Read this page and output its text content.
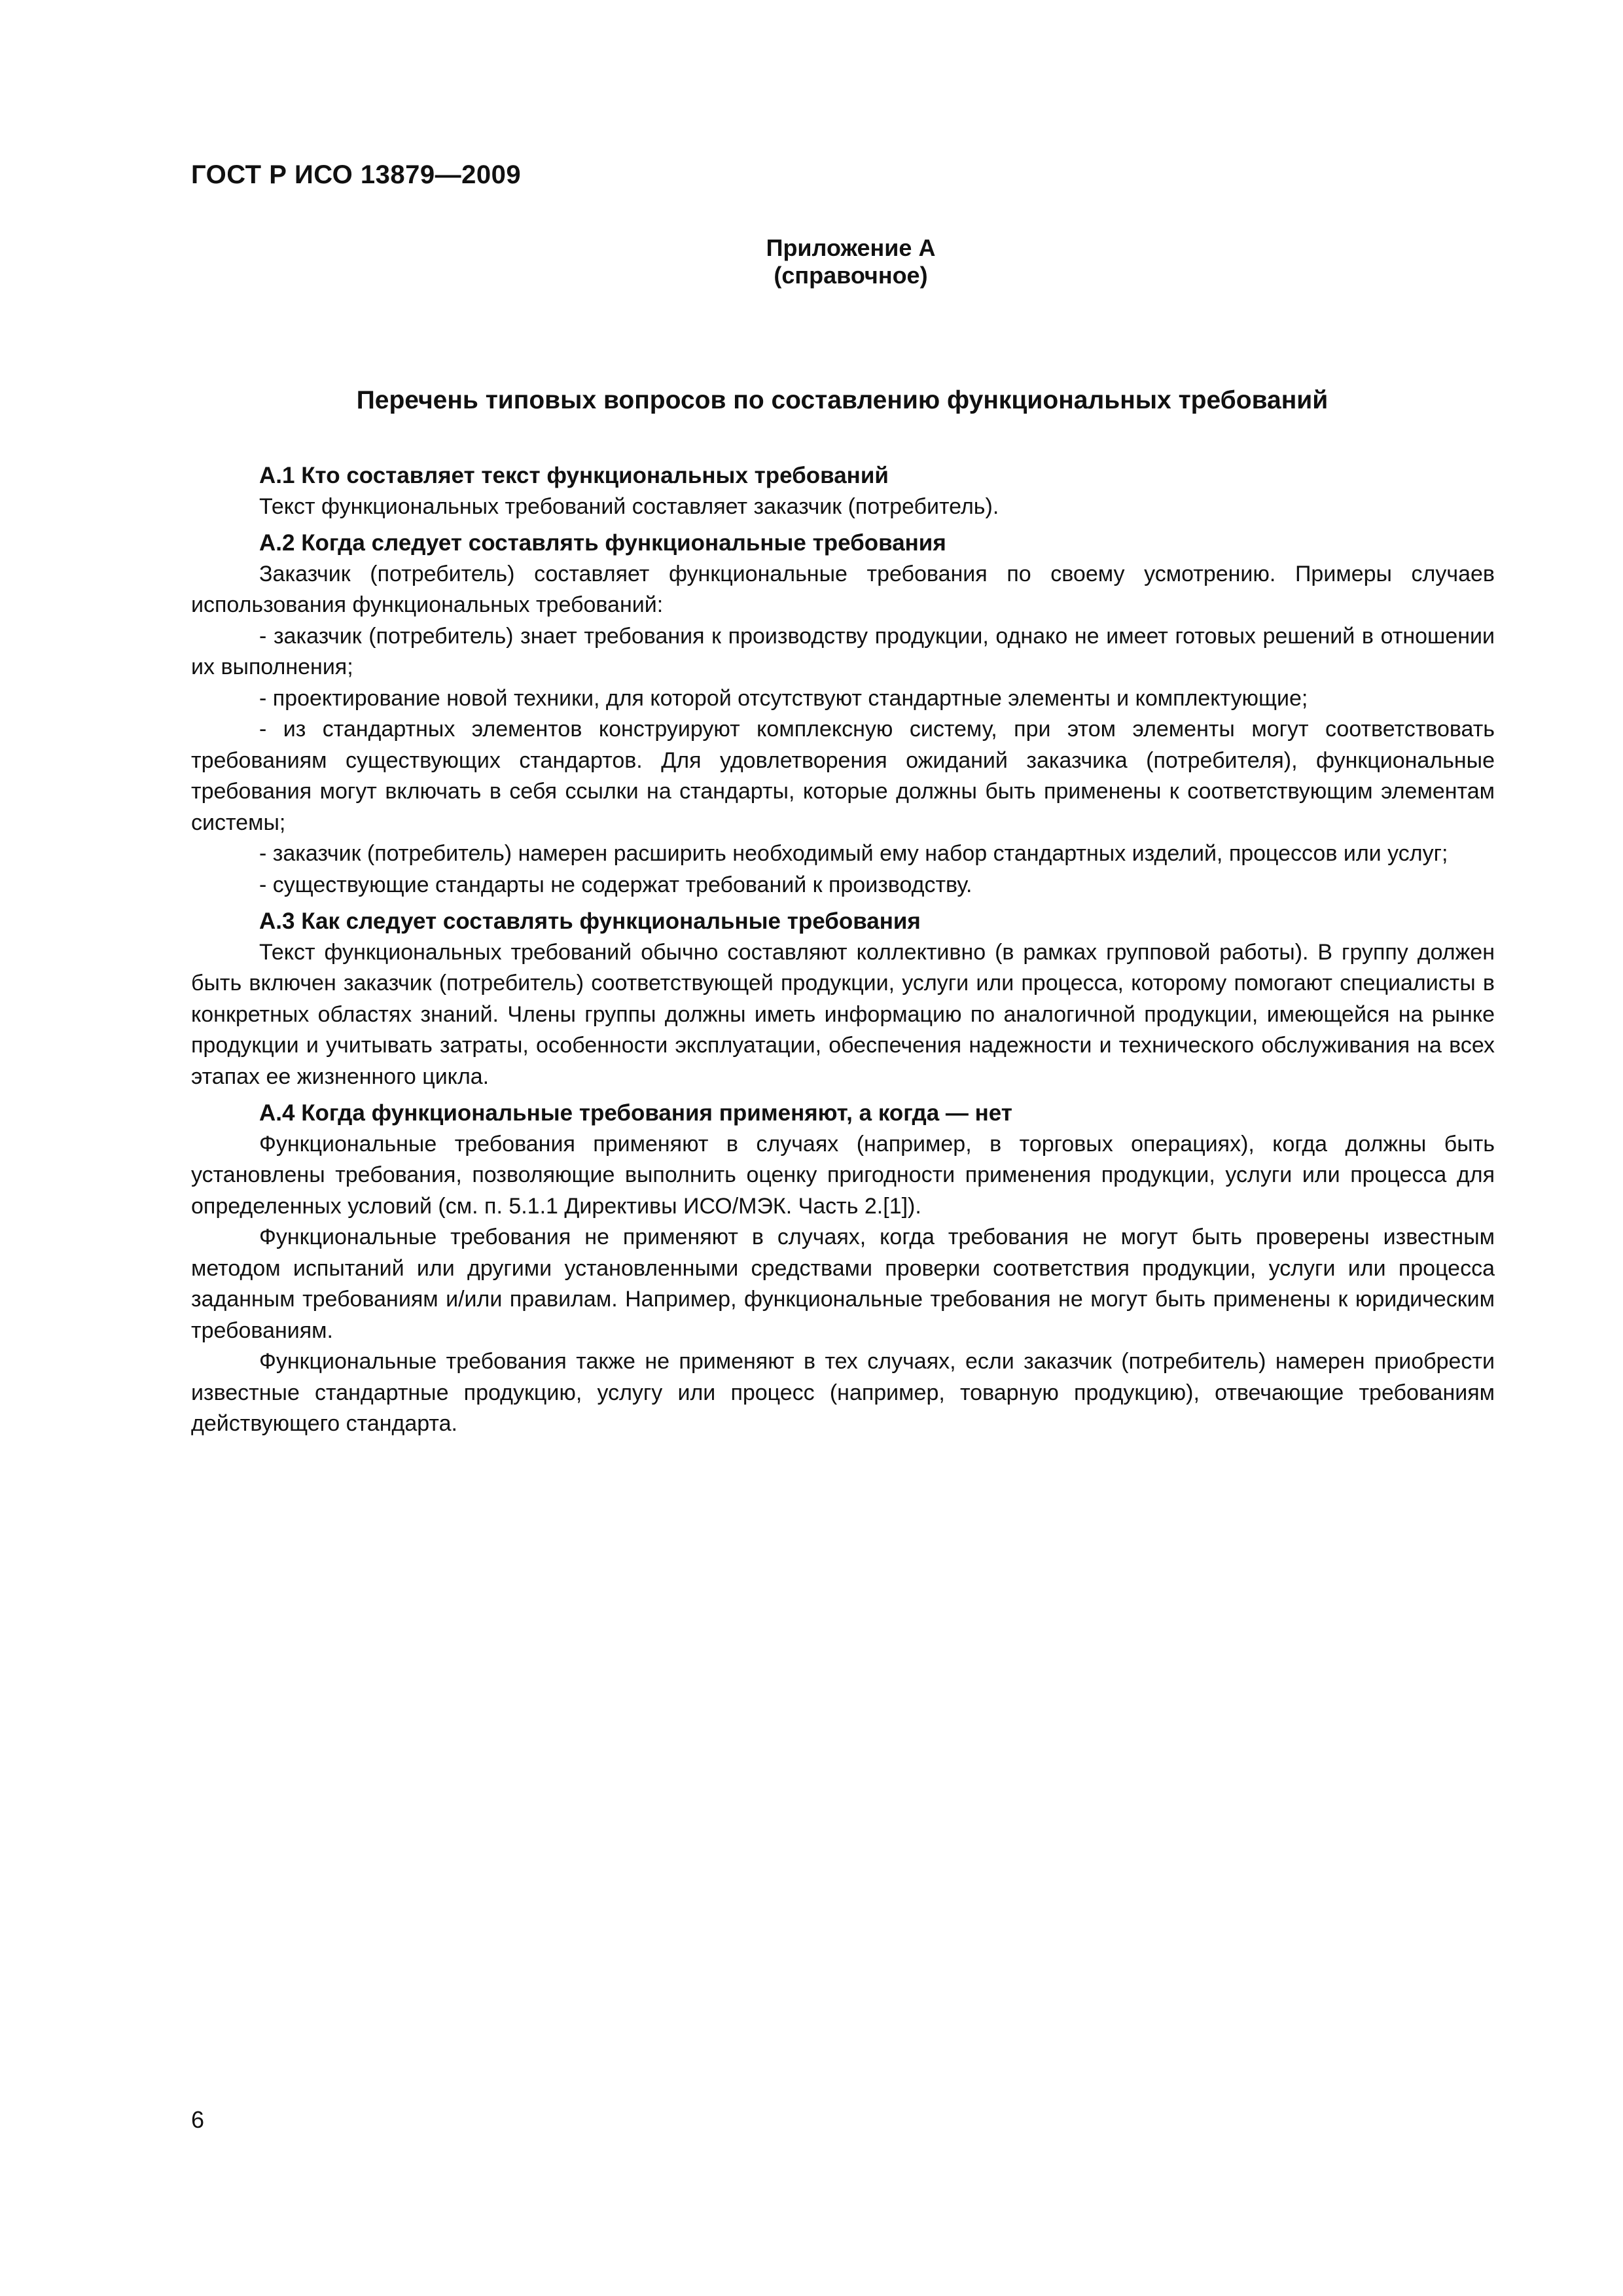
ГОСТ Р ИСО 13879—2009
Приложение А
(справочное)
Перечень типовых вопросов по составлению функциональных требований
А.1 Кто составляет текст функциональных требований

Текст функциональных требований составляет заказчик (потребитель).

А.2 Когда следует составлять функциональные требования

Заказчик (потребитель) составляет функциональные требования по своему усмотрению. Примеры случаев использования функциональных требований:

- заказчик (потребитель) знает требования к производству продукции, однако не имеет готовых решений в отношении их выполнения;

- проектирование новой техники, для которой отсутствуют стандартные элементы и комплектующие;

- из стандартных элементов конструируют комплексную систему, при этом элементы могут соответствовать требованиям существующих стандартов. Для удовлетворения ожиданий заказчика (потребителя), функциональные требования могут включать в себя ссылки на стандарты, которые должны быть применены к соответствующим элементам системы;

- заказчик (потребитель) намерен расширить необходимый ему набор стандартных изделий, процессов или услуг;

- существующие стандарты не содержат требований к производству.

А.3 Как следует составлять функциональные требования

Текст функциональных требований обычно составляют коллективно (в рамках групповой работы). В группу должен быть включен заказчик (потребитель) соответствующей продукции, услуги или процесса, которому помогают специалисты в конкретных областях знаний. Члены группы должны иметь информацию по аналогичной продукции, имеющейся на рынке продукции и учитывать затраты, особенности эксплуатации, обеспечения надежности и технического обслуживания на всех этапах ее жизненного цикла.

А.4 Когда функциональные требования применяют, а когда — нет

Функциональные требования применяют в случаях (например, в торговых операциях), когда должны быть установлены требования, позволяющие выполнить оценку пригодности применения продукции, услуги или процесса для определенных условий (см. п. 5.1.1 Директивы ИСО/МЭК. Часть 2.[1]).

Функциональные требования не применяют в случаях, когда требования не могут быть проверены известным методом испытаний или другими установленными средствами проверки соответствия продукции, услуги или процесса заданным требованиям и/или правилам. Например, функциональные требования не могут быть применены к юридическим требованиям.

Функциональные требования также не применяют в тех случаях, если заказчик (потребитель) намерен приобрести известные стандартные продукцию, услугу или процесс (например, товарную продукцию), отвечающие требованиям действующего стандарта.

6
